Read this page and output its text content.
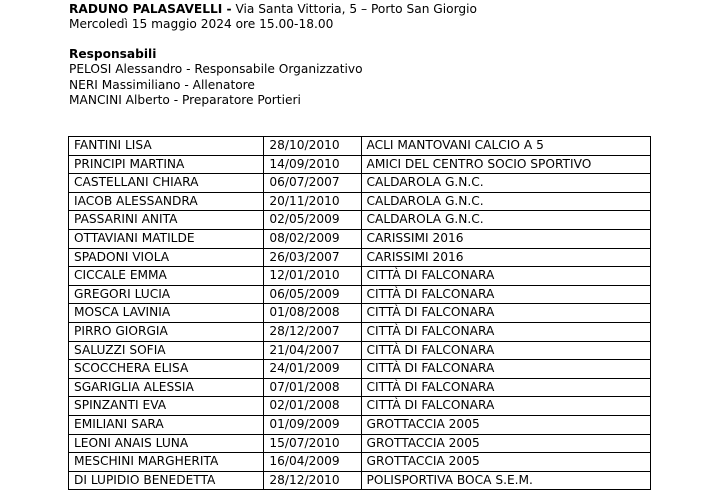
RADUNO PALASAVELLI - Via Santa Vittoria, 5 – Porto San Giorgio
Mercoledì 15 maggio 2024 ore 15.00-18.00
Responsabili
PELOSI Alessandro - Responsabile Organizzativo
NERI Massimiliano - Allenatore
MANCINI Alberto - Preparatore Portieri
FANTINI LISA	28/10/2010	ACLI MANTOVANI CALCIO A 5
PRINCIPI MARTINA	14/09/2010	AMICI DEL CENTRO SOCIO SPORTIVO
CASTELLANI CHIARA	06/07/2007	CALDAROLA G.N.C.
IACOB ALESSANDRA	20/11/2010	CALDAROLA G.N.C.
PASSARINI ANITA	02/05/2009	CALDAROLA G.N.C.
OTTAVIANI MATILDE	08/02/2009	CARISSIMI 2016
SPADONI VIOLA	26/03/2007	CARISSIMI 2016
CICCALE EMMA	12/01/2010	CITTÀ DI FALCONARA
GREGORI LUCIA	06/05/2009	CITTÀ DI FALCONARA
MOSCA LAVINIA	01/08/2008	CITTÀ DI FALCONARA
PIRRO GIORGIA	28/12/2007	CITTÀ DI FALCONARA
SALUZZI SOFIA	21/04/2007	CITTÀ DI FALCONARA
SCOCCHERA ELISA	24/01/2009	CITTÀ DI FALCONARA
SGARIGLIA ALESSIA	07/01/2008	CITTÀ DI FALCONARA
SPINZANTI EVA	02/01/2008	CITTÀ DI FALCONARA
EMILIANI SARA	01/09/2009	GROTTACCIA 2005
LEONI ANAIS LUNA	15/07/2010	GROTTACCIA 2005
MESCHINI MARGHERITA	16/04/2009	GROTTACCIA 2005
DI LUPIDIO BENEDETTA	28/12/2010	POLISPORTIVA BOCA S.E.M.
